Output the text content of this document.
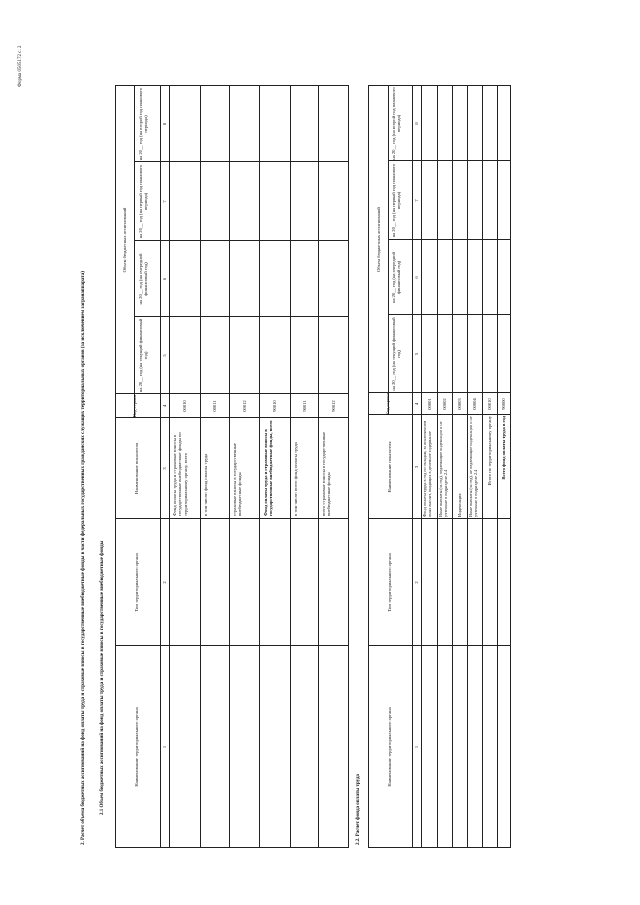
Форма 0505172 с. 2
2. Расчет объема бюджетных ассигнований на фонд оплаты труда и страховые взносы в государственные внебюджетные фонды в части федеральных государственных гражданских служащих территориальных органов (за исключением загранаппарата)	2.1 Объем бюджетных ассигнований на фонд оплаты труда и страховые взносы в государственные внебюджетные фонды	Наименование территориального органа
Тип территориального органа
Наименование показателя
Код строки
Объем бюджетных ассигнований
на 20__ год (на текущий финансовый год)
на 20__ год (на очередной финансовый год)
на 20__ год (на первый год планового периода)
на 20__ год (на второй год планового периода)
1
2
3
4
5
6
7
8
Фонд оплаты труда и страховые взносы в государственные внебюджетные фонды по территориальному органу, всего
00010
в том числе: фонд оплаты труда
00011
страховые взносы в государственные внебюджетные фонды
00012
Фонд оплаты труда и страховые взносы в государственные внебюджетные фонды, всего
90010
в том числе: всего фонд оплаты труда
90011
всего страховые взносы в государственные внебюджетные фонды
90012
2.2. Расчет фонда оплаты труда
Наименование территориального органа
Тип территориального органа
Наименование показателя
Код строки
Объем бюджетных ассигнований
на 20__ год (на текущий финансовый год)
на 20__ год (на очередной финансовый год)
на 20__ год (на первый год планового периода)
на 20__ год (на второй год планового периода)
1
2
3
4
5
6
7
8
Фонд оплаты труда в год по окладам, за исключением иных выплат, входящих в денежное содержание
00001
Иные выплаты (за год), подлежащие индексации и не учтенные в подразделе 2.4
00002
Индексация
00003
Иные выплаты (за год), не подлежащие индексации и не учтенные в подразделе 2.4
00004
Итого по территориальному органу
00010
Всего фонд оплаты труда в год
90000
